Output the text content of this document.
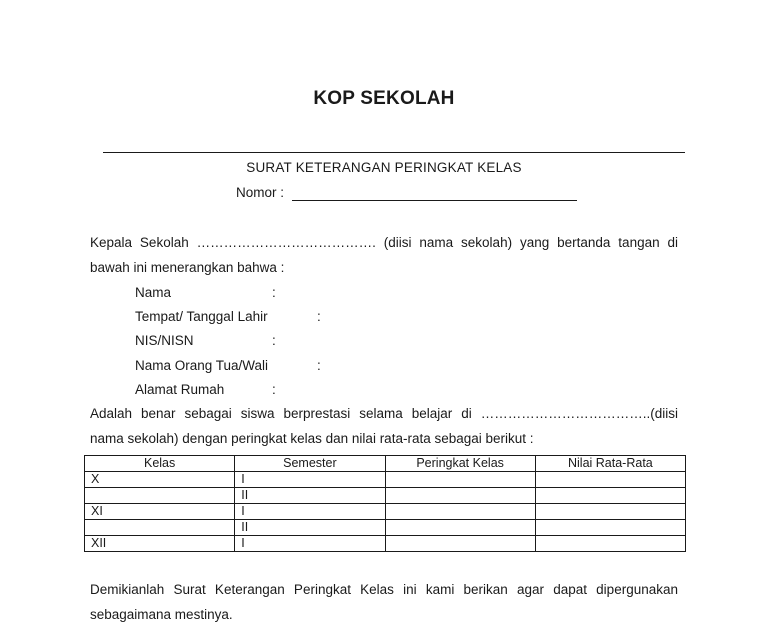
KOP SEKOLAH
SURAT KETERANGAN PERINGKAT KELAS
Nomor :
Kepala Sekolah …………………………………. (diisi nama sekolah) yang bertanda tangan di
bawah ini menerangkan bahwa :
Nama	:
Tempat/ Tanggal Lahir	:
NIS/NISN	:
Nama Orang Tua/Wali	:
Alamat Rumah	:
Adalah benar sebagai siswa berprestasi selama belajar di ………………………………..(diisi
nama sekolah) dengan peringkat kelas dan nilai rata-rata sebagai berikut :
Kelas	Semester	Peringkat Kelas	Nilai Rata-Rata
X	I		
	II		
XI	I		
	II		
XII	I		
Demikianlah Surat Keterangan Peringkat Kelas ini kami berikan agar dapat dipergunakan
sebagaimana mestinya.
